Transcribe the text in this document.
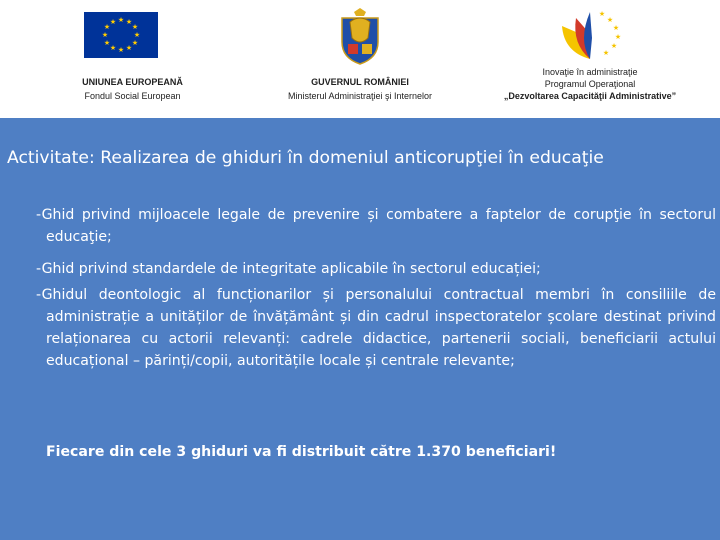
★ ★
★
★
★
★
★
★
★
★
★
★
UNIUNEA EUROPEANĂ
Fondul Social European
GUVERNUL ROMÂNIEI
Ministerul Administraţiei şi Internelor
★
★
★
★
★
★
Inovaţie în administraţie
Programul Operaţional
„Dezvoltarea Capacităţii Administrative”
Activitate: Realizarea de ghiduri în domeniul anticorupţiei în educaţie

-Ghid privind mijloacele legale de prevenire și combatere a faptelor de corupţie în sectorul educaţie;

-Ghid privind standardele de integritate aplicabile în sectorul educației;

-Ghidul deontologic al funcționarilor și personalului contractual membri în consiliile de administrație a unităților de învățământ și din cadrul inspectoratelor școlare destinat privind relaționarea cu actorii relevanți: cadrele didactice, partenerii sociali, beneficiarii actului educațional – părinți/copii, autoritățile locale și centrale relevante;

Fiecare din cele 3 ghiduri va fi distribuit către 1.370 beneficiari!
